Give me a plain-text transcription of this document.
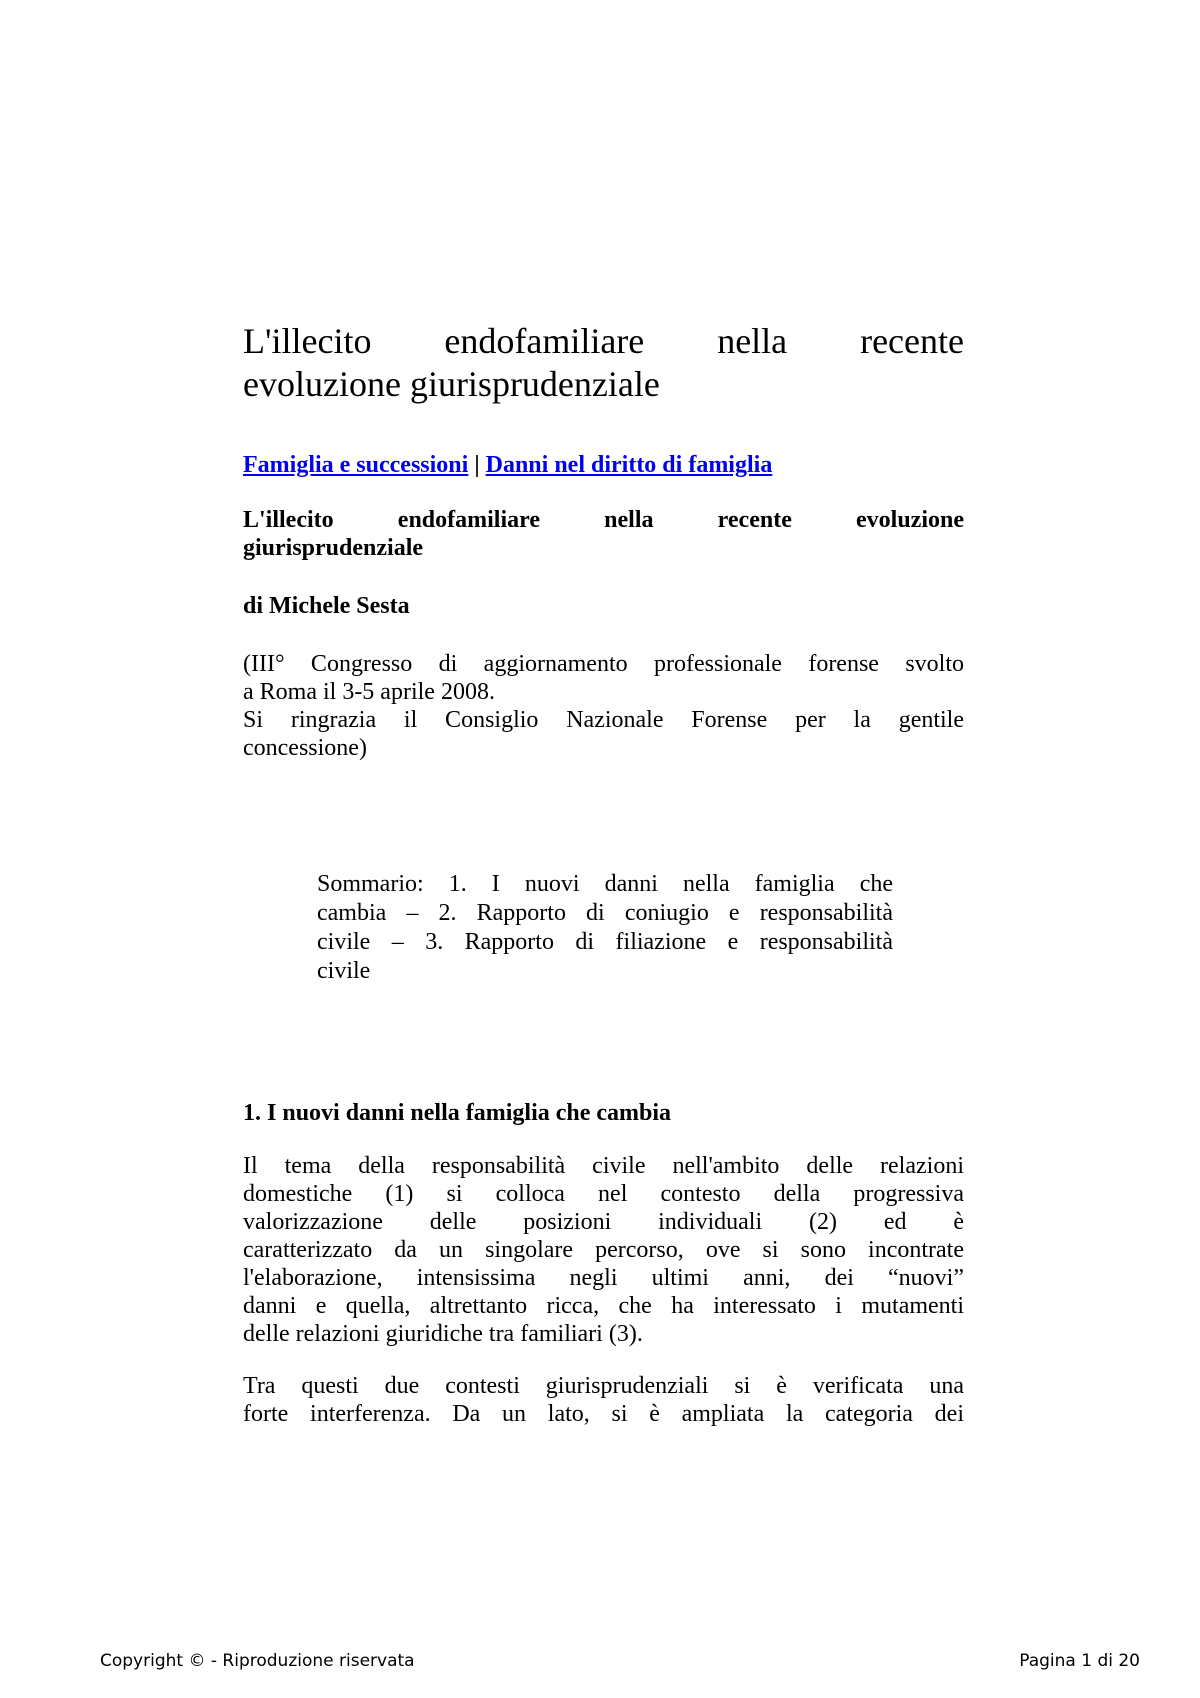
L'illecito endofamiliare nella recente
evoluzione giurisprudenziale
Famiglia e successioni | Danni nel diritto di famiglia
L'illecito endofamiliare nella recente evoluzione
giurisprudenziale
di Michele Sesta
(III° Congresso di aggiornamento professionale forense svolto
a Roma il 3-5 aprile 2008.
Si ringrazia il Consiglio Nazionale Forense per la gentile
concessione)
Sommario: 1. I nuovi danni nella famiglia che
cambia – 2. Rapporto di coniugio e responsabilità
civile – 3. Rapporto di filiazione e responsabilità
civile
1. I nuovi danni nella famiglia che cambia
Il tema della responsabilità civile nell'ambito delle relazioni
domestiche (1) si colloca nel contesto della progressiva
valorizzazione delle posizioni individuali (2) ed è
caratterizzato da un singolare percorso, ove si sono incontrate
l'elaborazione, intensissima negli ultimi anni, dei “nuovi”
danni e quella, altrettanto ricca, che ha interessato i mutamenti
delle relazioni giuridiche tra familiari (3).
Tra questi due contesti giurisprudenziali si è verificata una
forte interferenza. Da un lato, si è ampliata la categoria dei
Copyright © - Riproduzione riservata	Pagina 1 di 20
